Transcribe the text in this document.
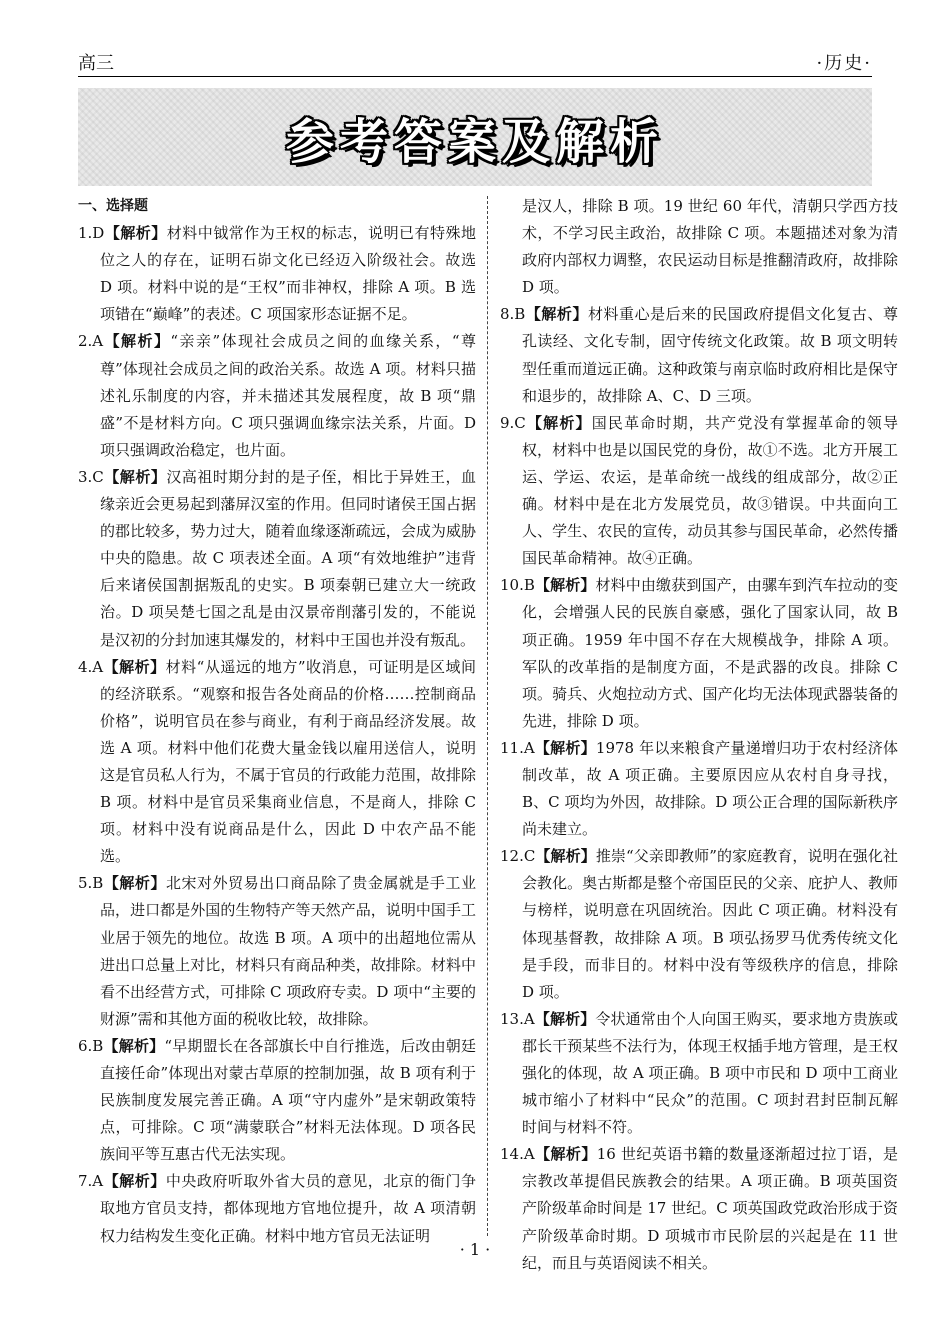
高三	·历史·
参考答案及解析
一、选择题
1.D【解析】材料中钺常作为王权的标志，说明已有特殊地位之人的存在，证明石峁文化已经迈入阶级社会。故选 D 项。材料中说的是“王权”而非神权，排除 A 项。B 选项错在“巅峰”的表述。C 项国家形态证据不足。
2.A【解析】“亲亲”体现社会成员之间的血缘关系，“尊尊”体现社会成员之间的政治关系。故选 A 项。材料只描述礼乐制度的内容，并未描述其发展程度，故 B 项“鼎盛”不是材料方向。C 项只强调血缘宗法关系，片面。D 项只强调政治稳定，也片面。
3.C【解析】汉高祖时期分封的是子侄，相比于异姓王，血缘亲近会更易起到藩屏汉室的作用。但同时诸侯王国占据的郡比较多，势力过大，随着血缘逐渐疏远，会成为威胁中央的隐患。故 C 项表述全面。A 项“有效地维护”违背后来诸侯国割据叛乱的史实。B 项秦朝已建立大一统政治。D 项吴楚七国之乱是由汉景帝削藩引发的，不能说是汉初的分封加速其爆发的，材料中王国也并没有叛乱。
4.A【解析】材料“从遥远的地方”收消息，可证明是区域间的经济联系。“观察和报告各处商品的价格……控制商品价格”，说明官员在参与商业，有利于商品经济发展。故选 A 项。材料中他们花费大量金钱以雇用送信人，说明这是官员私人行为，不属于官员的行政能力范围，故排除 B 项。材料中是官员采集商业信息，不是商人，排除 C 项。材料中没有说商品是什么，因此 D 中农产品不能选。
5.B【解析】北宋对外贸易出口商品除了贵金属就是手工业品，进口都是外国的生物特产等天然产品，说明中国手工业居于领先的地位。故选 B 项。A 项中的出超地位需从进出口总量上对比，材料只有商品种类，故排除。材料中看不出经营方式，可排除 C 项政府专卖。D 项中“主要的财源”需和其他方面的税收比较，故排除。
6.B【解析】“早期盟长在各部旗长中自行推选，后改由朝廷直接任命”体现出对蒙古草原的控制加强，故 B 项有利于民族制度发展完善正确。A 项“守内虚外”是宋朝政策特点，可排除。C 项“满蒙联合”材料无法体现。D 项各民族间平等互惠古代无法实现。
7.A【解析】中央政府听取外省大员的意见，北京的衙门争取地方官员支持，都体现地方官地位提升，故 A 项清朝权力结构发生变化正确。材料中地方官员无法证明
是汉人，排除 B 项。19 世纪 60 年代，清朝只学西方技术，不学习民主政治，故排除 C 项。本题描述对象为清政府内部权力调整，农民运动目标是推翻清政府，故排除 D 项。
8.B【解析】材料重心是后来的民国政府提倡文化复古、尊孔读经、文化专制，固守传统文化政策。故 B 项文明转型任重而道远正确。这种政策与南京临时政府相比是保守和退步的，故排除 A、C、D 三项。
9.C【解析】国民革命时期，共产党没有掌握革命的领导权，材料中也是以国民党的身份，故①不选。北方开展工运、学运、农运，是革命统一战线的组成部分，故②正确。材料中是在北方发展党员，故③错误。中共面向工人、学生、农民的宣传，动员其参与国民革命，必然传播国民革命精神。故④正确。
10.B【解析】材料中由缴获到国产，由骡车到汽车拉动的变化，会增强人民的民族自豪感，强化了国家认同，故 B 项正确。1959 年中国不存在大规模战争，排除 A 项。军队的改革指的是制度方面，不是武器的改良。排除 C 项。骑兵、火炮拉动方式、国产化均无法体现武器装备的先进，排除 D 项。
11.A【解析】1978 年以来粮食产量递增归功于农村经济体制改革，故 A 项正确。主要原因应从农村自身寻找，B、C 项均为外因，故排除。D 项公正合理的国际新秩序尚未建立。
12.C【解析】推崇“父亲即教师”的家庭教育，说明在强化社会教化。奥古斯都是整个帝国臣民的父亲、庇护人、教师与榜样，说明意在巩固统治。因此 C 项正确。材料没有体现基督教，故排除 A 项。B 项弘扬罗马优秀传统文化是手段，而非目的。材料中没有等级秩序的信息，排除 D 项。
13.A【解析】令状通常由个人向国王购买，要求地方贵族或郡长干预某些不法行为，体现王权插手地方管理，是王权强化的体现，故 A 项正确。B 项中市民和 D 项中工商业城市缩小了材料中“民众”的范围。C 项封君封臣制瓦解时间与材料不符。
14.A【解析】16 世纪英语书籍的数量逐渐超过拉丁语，是宗教改革提倡民族教会的结果。A 项正确。B 项英国资产阶级革命时间是 17 世纪。C 项英国政党政治形成于资产阶级革命时期。D 项城市市民阶层的兴起是在 11 世纪，而且与英语阅读不相关。
· 1 ·
